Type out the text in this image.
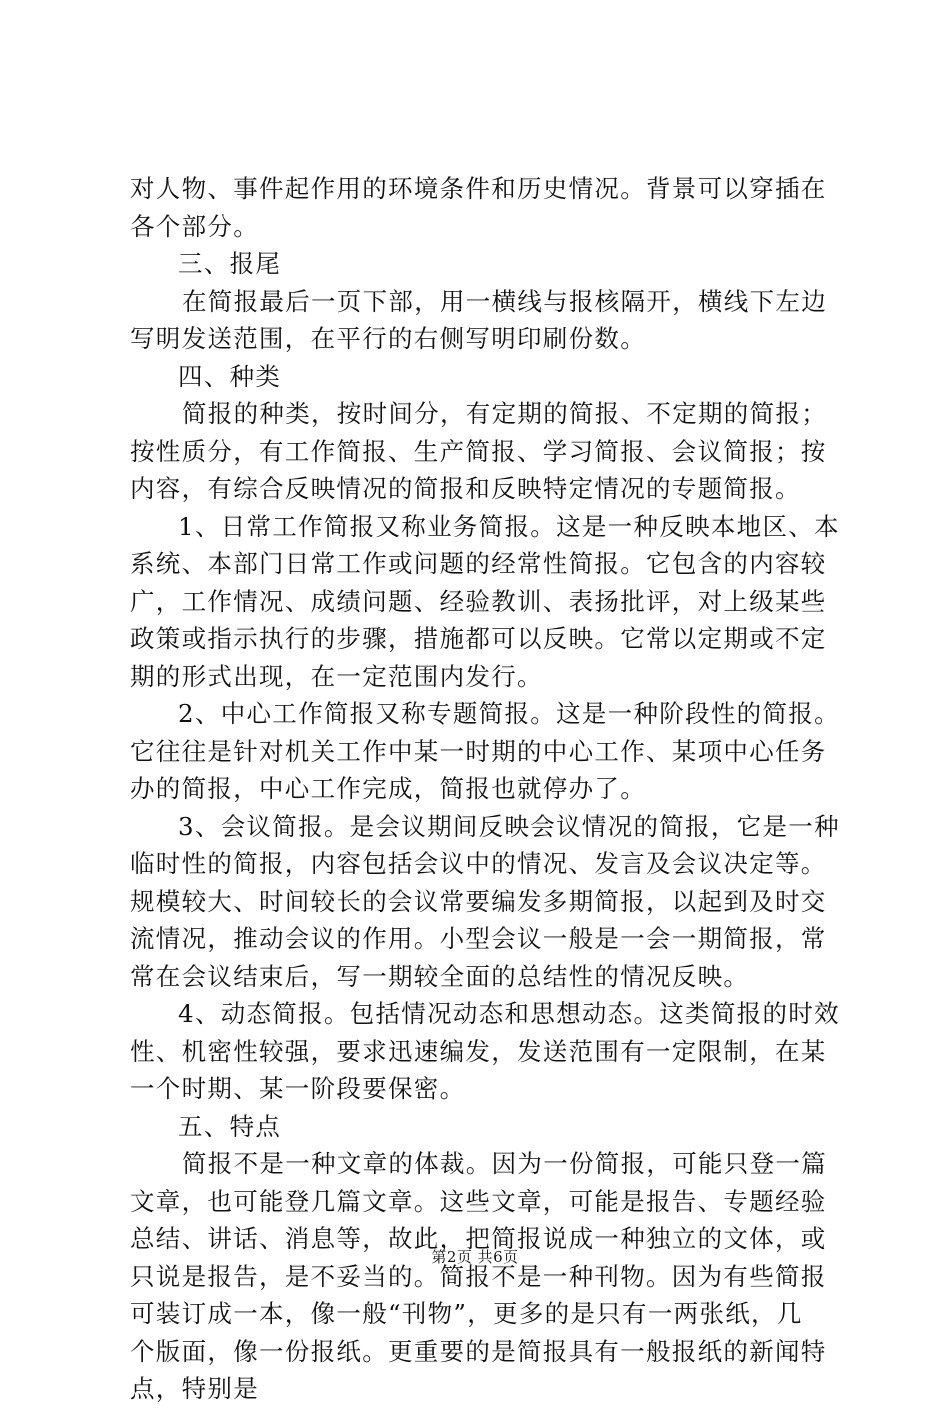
对人物、事件起作用的环境条件和历史情况。背景可以穿插在
各个部分。
三、报尾
在简报最后一页下部，用一横线与报核隔开，横线下左边
写明发送范围，在平行的右侧写明印刷份数。
四、种类
简报的种类，按时间分，有定期的简报、不定期的简报；
按性质分，有工作简报、生产简报、学习简报、会议简报；按
内容，有综合反映情况的简报和反映特定情况的专题简报。
1、日常工作简报又称业务简报。这是一种反映本地区、本
系统、本部门日常工作或问题的经常性简报。它包含的内容较
广，工作情况、成绩问题、经验教训、表扬批评，对上级某些
政策或指示执行的步骤，措施都可以反映。它常以定期或不定
期的形式出现，在一定范围内发行。
2、中心工作简报又称专题简报。这是一种阶段性的简报。
它往往是针对机关工作中某一时期的中心工作、某项中心任务
办的简报，中心工作完成，简报也就停办了。
3、会议简报。是会议期间反映会议情况的简报，它是一种
临时性的简报，内容包括会议中的情况、发言及会议决定等。
规模较大、时间较长的会议常要编发多期简报，以起到及时交
流情况，推动会议的作用。小型会议一般是一会一期简报，常
常在会议结束后，写一期较全面的总结性的情况反映。
4、动态简报。包括情况动态和思想动态。这类简报的时效
性、机密性较强，要求迅速编发，发送范围有一定限制，在某
一个时期、某一阶段要保密。
五、特点
简报不是一种文章的体裁。因为一份简报，可能只登一篇
文章，也可能登几篇文章。这些文章，可能是报告、专题经验
总结、讲话、消息等，故此，把简报说成一种独立的文体，或
只说是报告，是不妥当的。简报不是一种刊物。因为有些简报
可装订成一本，像一般“刊物”，更多的是只有一两张纸，几
个版面，像一份报纸。更重要的是简报具有一般报纸的新闻特
点，特别是
第2页 共6页
